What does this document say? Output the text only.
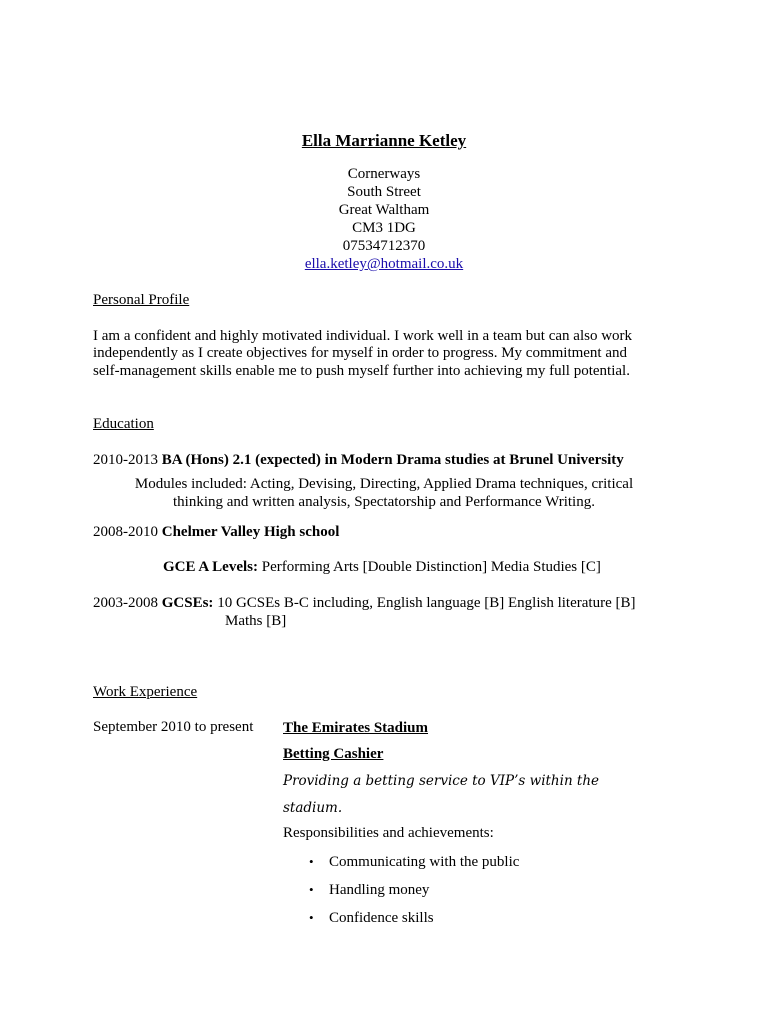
Ella Marrianne Ketley
Cornerways
South Street
Great Waltham
CM3 1DG
07534712370
ella.ketley@hotmail.co.uk
Personal Profile
I am a confident and highly motivated individual. I work well in a team but can also work
independently as I create objectives for myself in order to progress. My commitment and
self-management skills enable me to push myself further into achieving my full potential.
Education
2010-2013 BA (Hons) 2.1 (expected) in Modern Drama studies at Brunel University
Modules included: Acting, Devising, Directing, Applied Drama techniques, critical
thinking and written analysis, Spectatorship and Performance Writing.
2008-2010 Chelmer Valley High school
GCE A Levels: Performing Arts [Double Distinction] Media Studies [C]
2003-2008 GCSEs: 10 GCSEs B-C including, English language [B] English literature [B]
Maths [B]
Work Experience
September 2010 to present The Emirates Stadium
Betting Cashier
Providing a betting service to VIP’s within the
stadium.
Responsibilities and achievements:
• Communicating with the public
• Handling money
• Confidence skills
